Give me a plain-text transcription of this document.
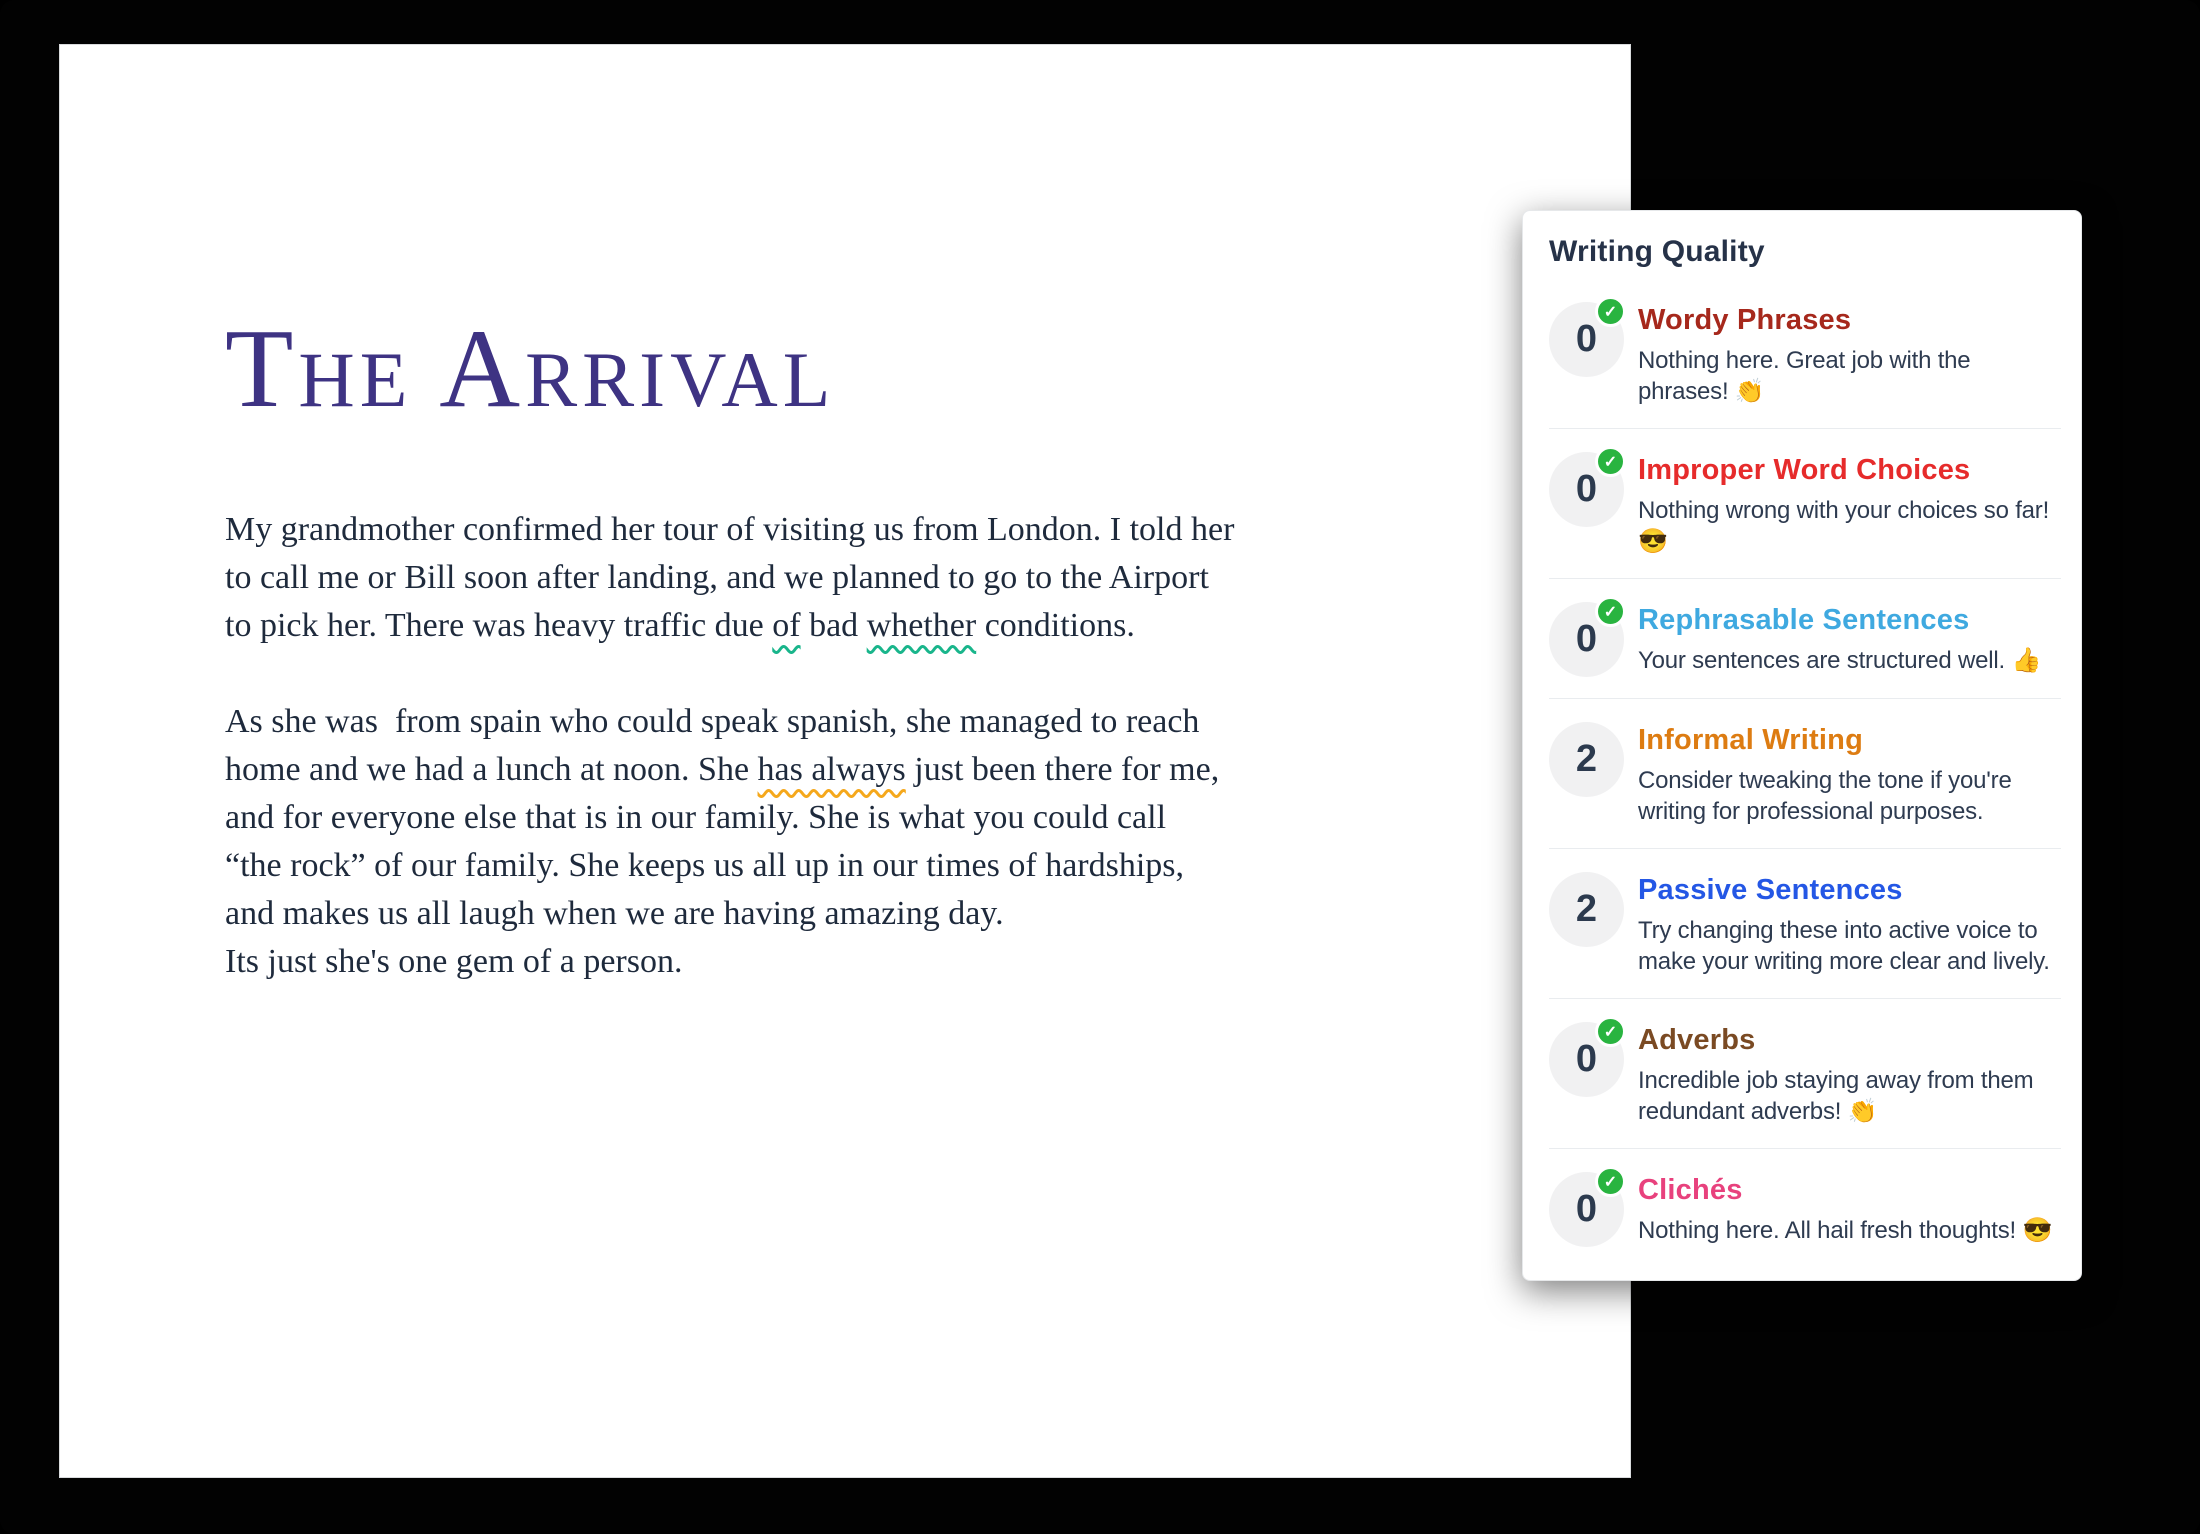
The Arrival
My grandmother confirmed her tour of visiting us from London. I told her
to call me or Bill soon after landing, and we planned to go to the Airport
to pick her. There was heavy traffic due of bad whether conditions.
As she was  from spain who could speak spanish, she managed to reach
home and we had a lunch at noon. She has always just been there for me,
and for everyone else that is in our family. She is what you could call
“the rock” of our family. She keeps us all up in our times of hardships,
and makes us all laugh when we are having amazing day.
Its just she's one gem of a person.
Writing Quality
0
✓ Wordy Phrases

Nothing here. Great job with the phrases! 👏

0
✓ Improper Word Choices

Nothing wrong with your choices so far! 😎

0
✓ Rephrasable Sentences

Your sentences are structured well. 👍

2	Informal Writing

Consider tweaking the tone if you're writing for professional purposes.

2	Passive Sentences

Try changing these into active voice to make your writing more clear and lively.

0
✓ Adverbs

Incredible job staying away from them redundant adverbs! 👏

0
✓ Clichés

Nothing here. All hail fresh thoughts! 😎
